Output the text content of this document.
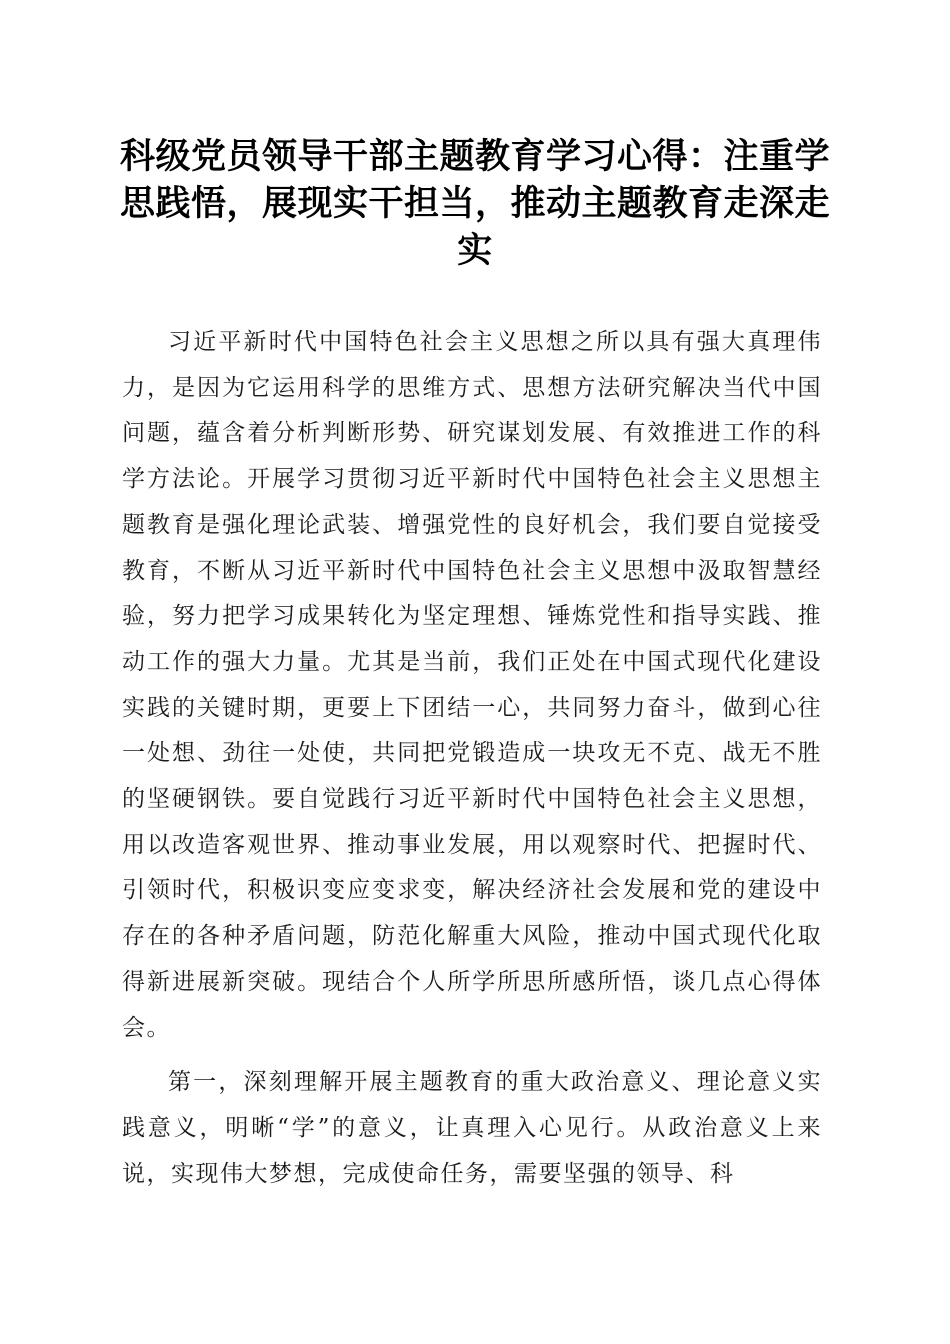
科级党员领导干部主题教育学习心得：注重学思践悟，展现实干担当，推动主题教育走深走实

习近平新时代中国特色社会主义思想之所以具有强大真理伟力，是因为它运用科学的思维方式、思想方法研究解决当代中国问题，蕴含着分析判断形势、研究谋划发展、有效推进工作的科学方法论。开展学习贯彻习近平新时代中国特色社会主义思想主题教育是强化理论武装、增强党性的良好机会，我们要自觉接受教育，不断从习近平新时代中国特色社会主义思想中汲取智慧经验，努力把学习成果转化为坚定理想、锤炼党性和指导实践、推动工作的强大力量。尤其是当前，我们正处在中国式现代化建设实践的关键时期，更要上下团结一心，共同努力奋斗，做到心往一处想、劲往一处使，共同把党锻造成一块攻无不克、战无不胜的坚硬钢铁。要自觉践行习近平新时代中国特色社会主义思想，用以改造客观世界、推动事业发展，用以观察时代、把握时代、引领时代，积极识变应变求变，解决经济社会发展和党的建设中存在的各种矛盾问题，防范化解重大风险，推动中国式现代化取得新进展新突破。现结合个人所学所思所感所悟，谈几点心得体会。

第一，深刻理解开展主题教育的重大政治意义、理论意义实践意义，明晰“学”的意义，让真理入心见行。从政治意义上来说，实现伟大梦想，完成使命任务，需要坚强的领导、科
